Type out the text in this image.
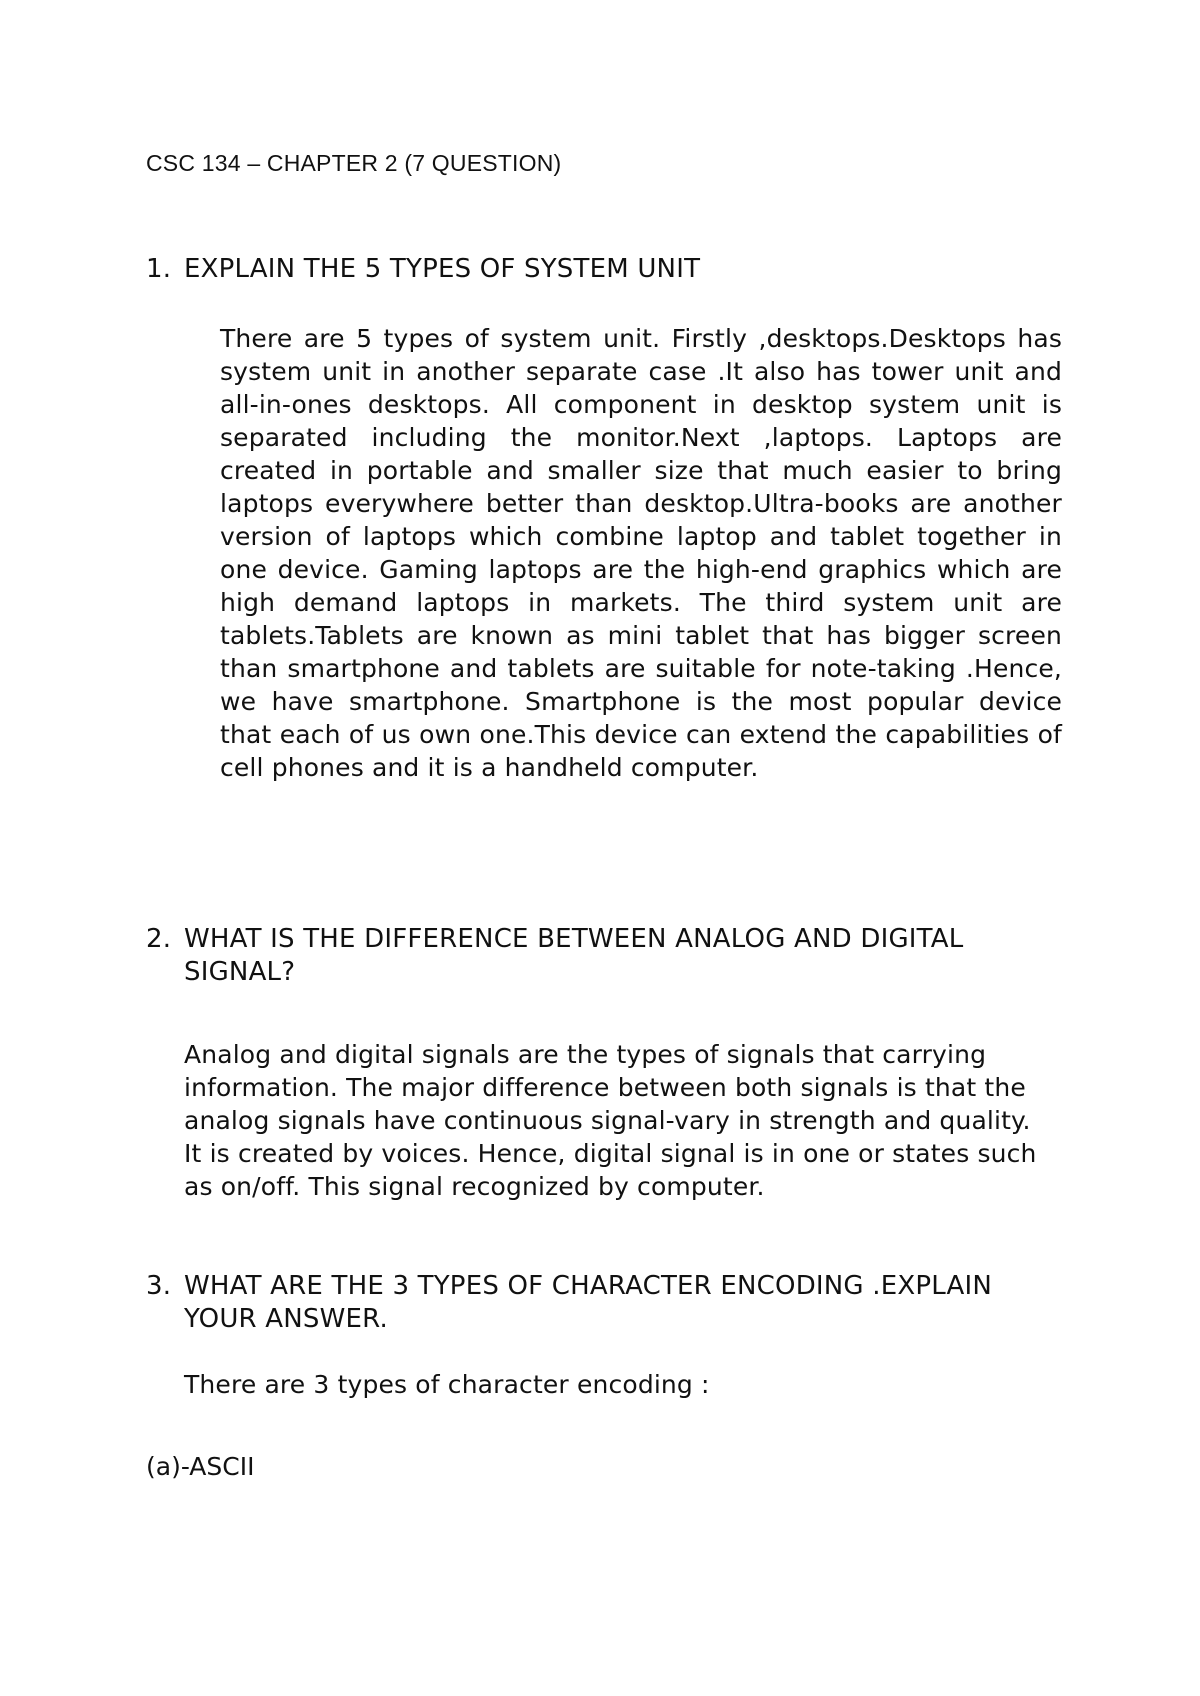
CSC 134 – CHAPTER 2 (7 QUESTION)
1. EXPLAIN THE 5 TYPES OF SYSTEM UNIT
There are 5 types of system unit. Firstly ,desktops.Desktops has system unit in another separate case .It also has tower unit and all-in-ones desktops. All component in desktop system unit is separated including the monitor.Next ,laptops. Laptops are created in portable and smaller size that much easier to bring laptops everywhere better than desktop.Ultra-books are another version of laptops which combine laptop and tablet together in one device. Gaming laptops are the high-end graphics which are high demand laptops in markets. The third system unit are tablets.Tablets are known as mini tablet that has bigger screen than smartphone and tablets are suitable for note-taking .Hence, we have smartphone. Smartphone is the most popular device that each of us own one.This device can extend the capabilities of cell phones and it is a handheld computer.
2. WHAT IS THE DIFFERENCE BETWEEN ANALOG AND DIGITAL SIGNAL?
Analog and digital signals are the types of signals that carrying information. The major difference between both signals is that the analog signals have continuous signal-vary in strength and quality. It is created by voices. Hence, digital signal is in one or states such as on/off. This signal recognized by computer.
3. WHAT ARE THE 3 TYPES OF CHARACTER ENCODING .EXPLAIN YOUR ANSWER.
There are 3 types of character encoding :
(a)-ASCII
